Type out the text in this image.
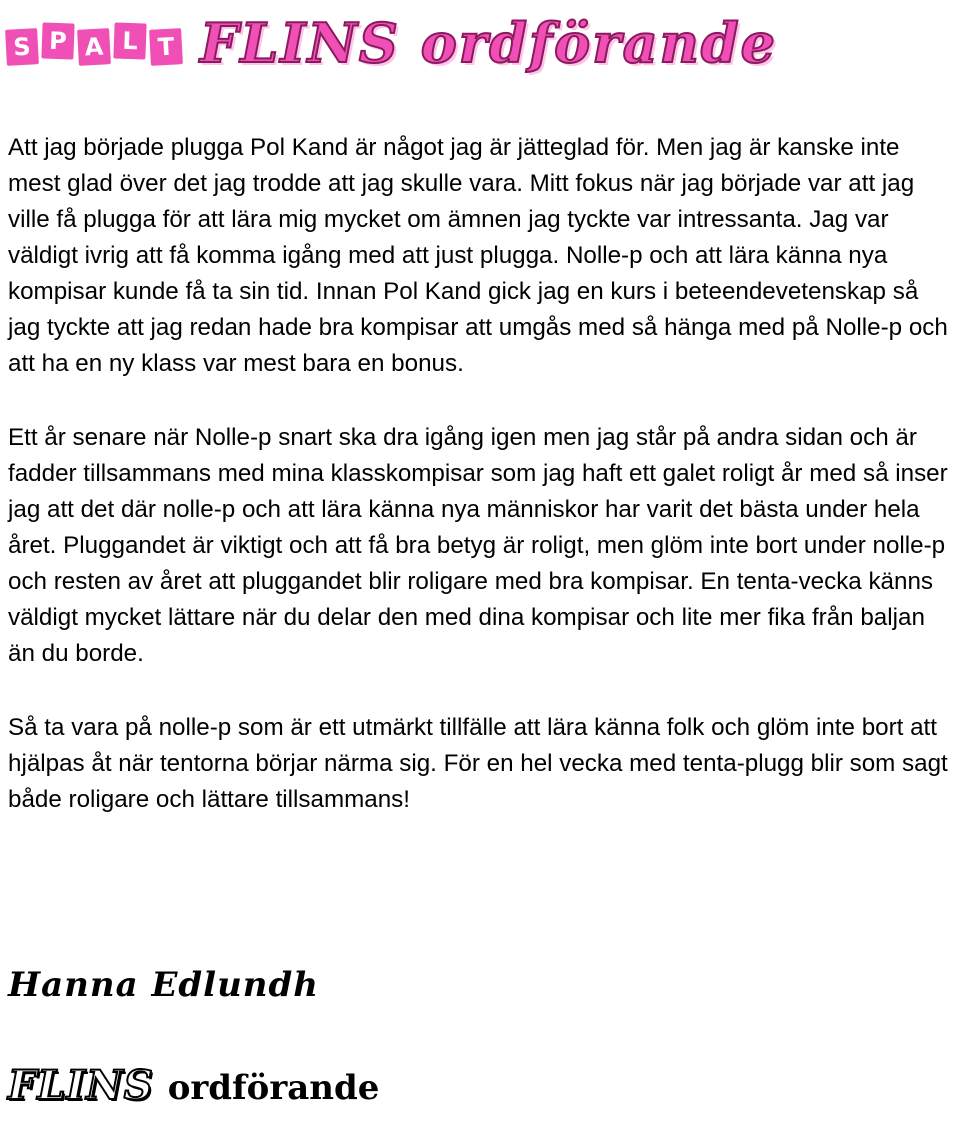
S P A L T FLINS ordförande

Att jag började plugga Pol Kand är något jag är jätteglad för. Men jag är kanske inte mest glad över det jag trodde att jag skulle vara. Mitt fokus när jag började var att jag ville få plugga för att lära mig mycket om ämnen jag tyckte var intressanta. Jag var väldigt ivrig att få komma igång med att just plugga. Nolle-p och att lära känna nya kompisar kunde få ta sin tid. Innan Pol Kand gick jag en kurs i beteendevetenskap så jag tyckte att jag redan hade bra kompisar att umgås med så hänga med på Nolle-p och att ha en ny klass var mest bara en bonus.

Ett år senare när Nolle-p snart ska dra igång igen men jag står på andra sidan och är fadder tillsammans med mina klasskompisar som jag haft ett galet roligt år med så inser jag att det där nolle-p och att lära känna nya människor har varit det bästa under hela året. Pluggandet är viktigt och att få bra betyg är roligt, men glöm inte bort under nolle-p och resten av året att pluggandet blir roligare med bra kompisar. En tenta-vecka känns väldigt mycket lättare när du delar den med dina kompisar och lite mer fika från baljan än du borde.

Så ta vara på nolle-p som är ett utmärkt tillfälle att lära känna folk och glöm inte bort att hjälpas åt när tentorna börjar närma sig. För en hel vecka med tenta-plugg blir som sagt både roligare och lättare tillsammans!

Hanna Edlundh
FLINS ordförande
